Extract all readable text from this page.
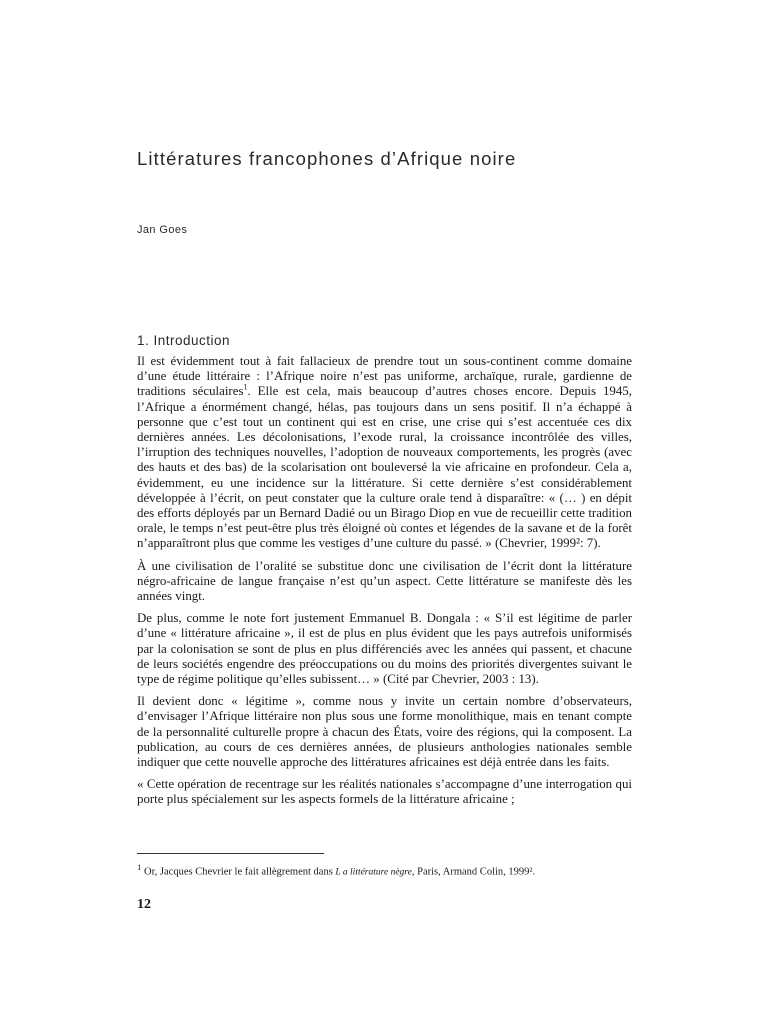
Littératures francophones d’Afrique noire
Jan Goes
1. Introduction

Il est évidemment tout à fait fallacieux de prendre tout un sous-continent comme domaine d’une étude littéraire : l’Afrique noire n’est pas uniforme, archaïque, rurale, gardienne de traditions séculaires$^1$. Elle est cela, mais beaucoup d’autres choses encore. Depuis 1945, l’Afrique a énormément changé, hélas, pas toujours dans un sens positif. Il n’a échappé à personne que c’est tout un continent qui est en crise, une crise qui s’est accentuée ces dix dernières années. Les décolonisations, l’exode rural, la croissance incontrôlée des villes, l’irruption des techniques nouvelles, l’adoption de nouveaux comportements, les progrès (avec des hauts et des bas) de la scolarisation ont bouleversé la vie africaine en profondeur. Cela a, évidemment, eu une incidence sur la littérature. Si cette dernière s’est considérablement développée à l’écrit, on peut constater que la culture orale tend à disparaître: « (… ) en dépit des efforts déployés par un Bernard Dadié ou un Birago Diop en vue de recueillir cette tradition orale, le temps n’est peut-être plus très éloigné où contes et légendes de la savane et de la forêt n’apparaîtront plus que comme les vestiges d’une culture du passé. » (Chevrier, 1999²: 7).

À une civilisation de l’oralité se substitue donc une civilisation de l’écrit dont la littérature négro-africaine de langue française n’est qu’un aspect. Cette littérature se manifeste dès les années vingt.

De plus, comme le note fort justement Emmanuel B. Dongala : « S’il est légitime de parler d’une « littérature africaine », il est de plus en plus évident que les pays autrefois uniformisés par la colonisation se sont de plus en plus différenciés avec les années qui passent, et chacune de leurs sociétés engendre des préoccupations ou du moins des priorités divergentes suivant le type de régime politique qu’elles subissent… » (Cité par Chevrier, 2003 : 13).

Il devient donc « légitime », comme nous y invite un certain nombre d’observateurs, d’envisager l’Afrique littéraire non plus sous une forme monolithique, mais en tenant compte de la personnalité culturelle propre à chacun des États, voire des régions, qui la composent. La publication, au cours de ces dernières années, de plusieurs anthologies nationales semble indiquer que cette nouvelle approche des littératures africaines est déjà entrée dans les faits.

« Cette opération de recentrage sur les réalités nationales s’accompagne d’une interrogation qui porte plus spécialement sur les aspects formels de la littérature africaine ;

$^1$ Or, Jacques Chevrier le fait allègrement dans L a littérature nègre, Paris, Armand Colin, 1999².
12
